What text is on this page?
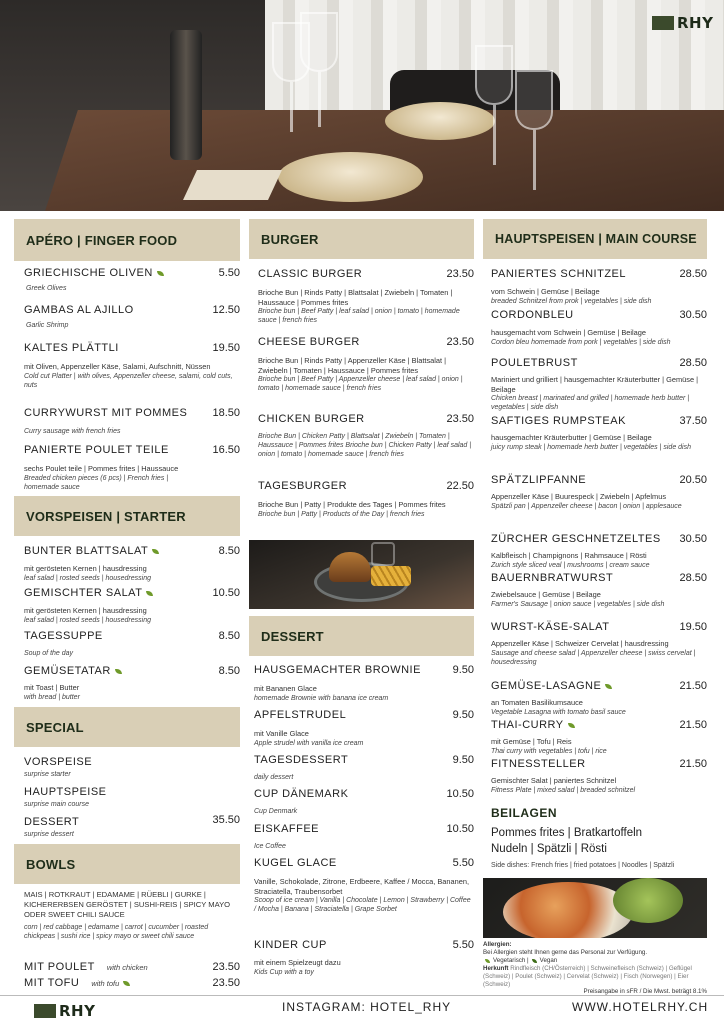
RHY
APÉRO | FINGER FOOD
GRIECHISCHE OLIVEN	5.50
Greek Olives
GAMBAS AL AJILLO	12.50
Garlic Shrimp
KALTES PLÄTTLI	19.50
mit Oliven, Appenzeller Käse, Salami, Aufschnitt, Nüssen
Cold cut Platter | with olives, Appenzeller cheese, salami, cold cuts, nuts
CURRYWURST MIT POMMES 18.50
Curry sausage with french fries
PANIERTE POULET TEILE	16.50
sechs Poulet teile | Pommes frites | Haussauce
Breaded chicken pieces (6 pcs) | French fries | homemade sauce
VORSPEISEN | STARTER
BUNTER BLATTSALAT	8.50
mit gerösteten Kernen | hausdressing
leaf salad | rosted seeds | housedressing
GEMISCHTER SALAT	10.50
mit gerösteten Kernen | hausdressing
leaf salad | rosted seeds | housedressing
TAGESSUPPE	8.50
Soup of the day
GEMÜSETATAR	8.50
mit Toast | Butter
with bread | butter
SPECIAL
VORSPEISE
surprise starter
HAUPTSPEISE
surprise main course
DESSERT	35.50
surprise dessert
BOWLS
MAIS | ROTKRAUT | EDAMAME | RÜEBLI | GURKE | KICHERERBSEN GERÖSTET | SUSHI-REIS | SPICY MAYO ODER SWEET CHILI SAUCE
corn | red cabbage | edamame | carrot | cucumber | roasted chickpeas | sushi rice | spicy mayo or sweet chili sauce
MIT POULET with chicken	23.50
MIT TOFU with tofu	23.50
BURGER
CLASSIC BURGER	23.50
Brioche Bun | Rinds Patty | Blattsalat | Zwiebeln | Tomaten | Haussauce | Pommes frites
Brioche bun | Beef Patty | leaf salad | onion | tomato | homemade sauce | french fries
CHEESE BURGER	23.50
Brioche Bun | Rinds Patty | Appenzeller Käse | Blattsalat | Zwiebeln | Tomaten | Haussauce | Pommes frites
Brioche bun | Beef Patty | Appenzeller cheese | leaf salad | onion | tomato | homemade sauce | french fries
CHICKEN BURGER	23.50
Brioche Bun | Chicken Patty | Blattsalat | Zwiebeln | Tomaten | Haussauce | Pommes frites Brioche bun | Chicken Patty | leaf salad | onion | tomato | homemade sauce | french fries
TAGESBURGER	22.50
Brioche Bun | Patty | Produkte des Tages | Pommes frites
Brioche bun | Patty | Products of the Day | french fries
DESSERT
HAUSGEMACHTER BROWNIE	9.50
mit Bananen Glace
homemade Brownie with banana ice cream
APFELSTRUDEL	9.50
mit Vanille Glace
Apple strudel with vanilla ice cream
TAGESDESSERT	9.50
daily dessert
CUP DÄNEMARK	10.50
Cup Denmark
EISKAFFEE	10.50
Ice Coffee
KUGEL GLACE	5.50
Vanille, Schokolade, Zitrone, Erdbeere, Kaffee / Mocca, Bananen, Straciatella, Traubensorbet
Scoop of ice cream | Vanilla | Chocolate | Lemon | Strawberry | Coffee / Mocha | Banana | Straciatella | Grape Sorbet
KINDER CUP	5.50
mit einem Spielzeugt dazu
Kids Cup with a toy
HAUPTSPEISEN | MAIN COURSE
PANIERTES SCHNITZEL	28.50
vom Schwein | Gemüse | Beilage
breaded Schnitzel from prok | vegetables | side dish
CORDONBLEU	30.50
hausgemacht vom Schwein | Gemüse | Beilage
Cordon bleu homemade from pork | vegetables | side dish
POULETBRUST	28.50
Mariniert und grilliert | hausgemachter Kräuterbutter | Gemüse | Beilage
Chicken breast | marinated and grilled | homemade herb butter | vegetables | side dish
SAFTIGES RUMPSTEAK	37.50
hausgemachter Kräuterbutter | Gemüse | Beilage
juicy rump steak | homemade herb butter | vegetables | side dish
SPÄTZLIPFANNE	20.50
Appenzeller Käse | Buurespeck | Zwiebeln | Apfelmus
Spätzli pan | Appenzeller cheese | bacon | onion | applesauce
ZÜRCHER GESCHNETZELTES 30.50
Kalbfleisch | Champignons | Rahmsauce | Rösti
Zurich style sliced veal | mushrooms | cream sauce
BAUERNBRATWURST	28.50
Zwiebelsauce | Gemüse | Beilage
Farmer's Sausage | onion sauce | vegetables | side dish
WURST-KÄSE-SALAT	19.50
Appenzeller Käse | Schweizer Cervelat | hausdressing
Sausage and cheese salad | Appenzeller cheese | swiss cervelat | housedressing
GEMÜSE-LASAGNE	21.50
an Tomaten Basilikumsauce
Vegetable Lasagna with tomato basil sauce
THAI-CURRY	21.50
mit Gemüse | Tofu | Reis
Thai curry with vegetables | tofu | rice
FITNESSTELLER	21.50
Gemischter Salat | paniertes Schnitzel
Fitness Plate | mixed salad | breaded schnitzel
BEILAGEN
Pommes frites | Bratkartoffeln
Nudeln | Spätzli | Rösti
Side dishes: French fries | fried potatoes | Noodles | Spätzli
Allergien:
Bei Allergien steht Ihnen gerne das Personal zur Verfügung.
Vegetarisch | Vegan
Herkunft Rindfleisch (CH/Österreich) | Schweinefleisch (Schweiz) | Geflügel (Schweiz) | Poulet (Schweiz) | Cervelat (Schweiz) | Fisch (Norwegen) | Eier (Schweiz)
Preisangabe in sFR / Die Mwst. beträgt 8.1%
RHY	INSTAGRAM: HOTEL_RHY	WWW.HOTELRHY.CH
